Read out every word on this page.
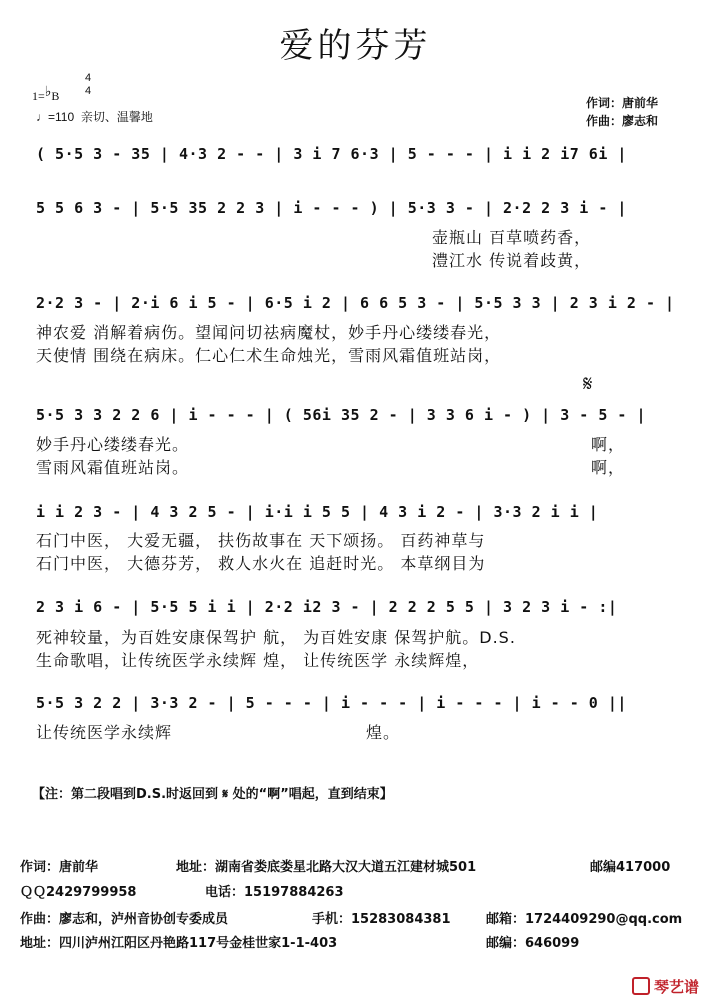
爱的芬芳
1=♭B
4
4
♩=110 亲切、温馨地
作词：唐前华
作曲：廖志和
( 5·5 3 - 35 | 4·3 2 - - | 3 i 7 6·3 | 5 - - - | i i 2 i7 6i |
5 5 6 3 - | 5·5 35 2 2 3 | i - - - ) | 5·3 3 - | 2·2 2 3 i - |
壶瓶山 百草喷药香，
澧江水 传说着歧黄，
2·2 3 - | 2·i 6 i 5 - | 6·5 i 2 | 6 6 5 3 - | 5·5 3 3 | 2 3 i 2 - |
神农爱 消解着病伤。望闻问切祛病魔杖，妙手丹心缕缕春光，
天使情 围绕在病床。仁心仁术生命烛光，雪雨风霜值班站岗，
𝄋
5·5 3 3 2 2 6 | i - - - | ( 56i 35 2 - | 3 3 6 i - ) | 3 - 5 - |
妙手丹心缕缕春光。
雪雨风霜值班站岗。
啊，
啊，
i i 2 3 - | 4 3 2 5 - | i·i i 5 5 | 4 3 i 2 - | 3·3 2 i i |
石门中医， 大爱无疆， 扶伤故事在 天下颂扬。 百药神草与
石门中医， 大德芬芳， 救人水火在 追赶时光。 本草纲目为
2 3 i 6 - | 5·5 5 i i | 2·2 i2 3 - | 2 2 2 5 5 | 3 2 3 i - :|
死神较量，为百姓安康保驾护 航， 为百姓安康 保驾护航。D.S.
生命歌唱，让传统医学永续辉 煌， 让传统医学 永续辉煌，
5·5 3 2 2 | 3·3 2 - | 5 - - - | i - - - | i - - - | i - - 0 ||
让传统医学永续辉	煌。
【注：第二段唱到D.S.时返回到 𝄋 处的“啊”唱起，直到结束】
作词：唐前华	地址：湖南省娄底娄星北路大汉大道五江建材城501	邮编417000
ＱＱ2429799958	电话：15197884263
作曲：廖志和，泸州音协创专委成员	手机：15283084381	邮箱：1724409290@qq.com
地址：四川泸州江阳区丹艳路117号金桂世家1-1-403	邮编：646099
琴艺谱
